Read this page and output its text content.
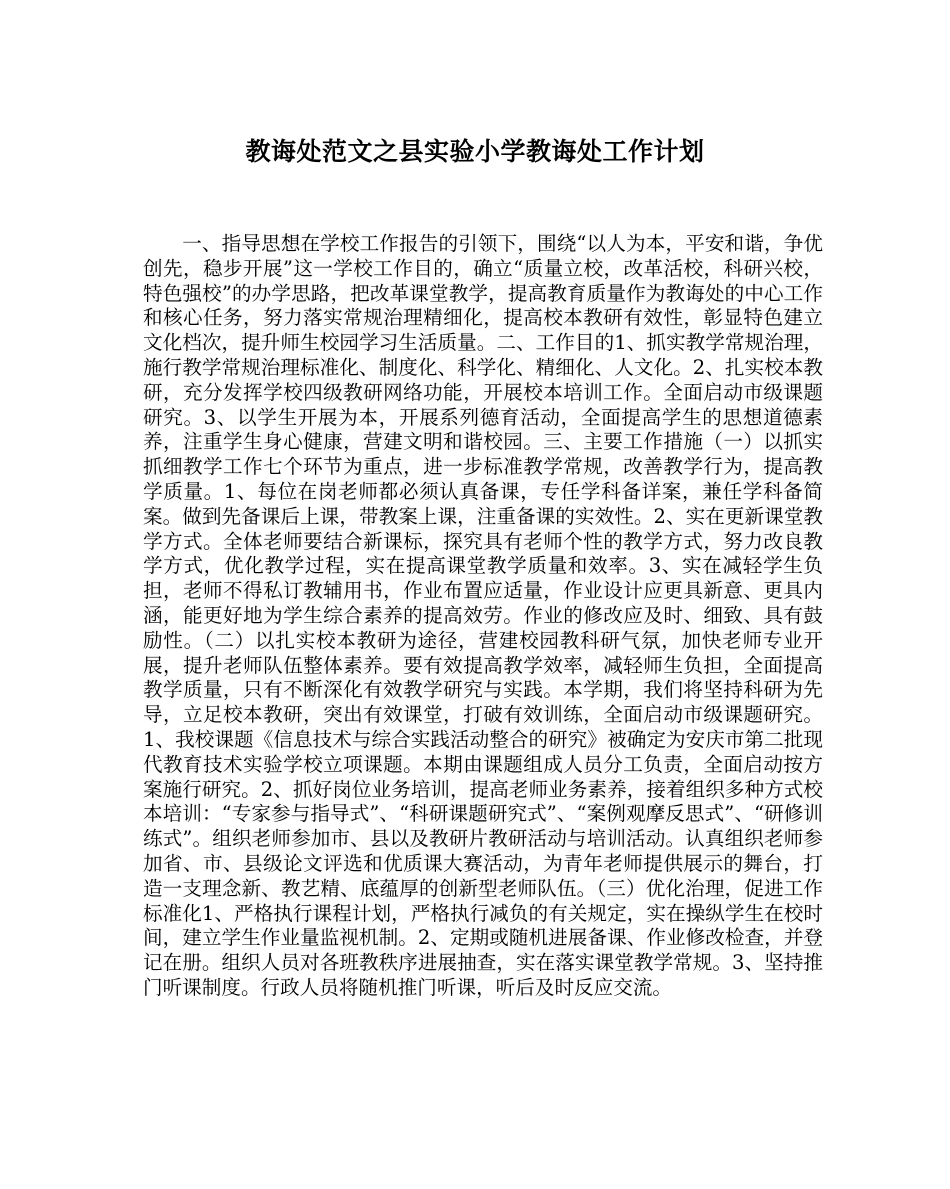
教诲处范文之县实验小学教诲处工作计划

一、指导思想在学校工作报告的引领下，围绕“以人为本，平安和谐，争优创先，稳步开展”这一学校工作目的，确立“质量立校，改革活校，科研兴校，特色强校”的办学思路，把改革课堂教学，提高教育质量作为教诲处的中心工作和核心任务，努力落实常规治理精细化，提高校本教研有效性，彰显特色建立文化档次，提升师生校园学习生活质量。二、工作目的1、抓实教学常规治理，施行教学常规治理标准化、制度化、科学化、精细化、人文化。2、扎实校本教研，充分发挥学校四级教研网络功能，开展校本培训工作。全面启动市级课题研究。3、以学生开展为本，开展系列德育活动，全面提高学生的思想道德素养，注重学生身心健康，营建文明和谐校园。三、主要工作措施（一）以抓实抓细教学工作七个环节为重点，进一步标准教学常规，改善教学行为，提高教学质量。1、每位在岗老师都必须认真备课，专任学科备详案，兼任学科备简案。做到先备课后上课，带教案上课，注重备课的实效性。2、实在更新课堂教学方式。全体老师要结合新课标，探究具有老师个性的教学方式，努力改良教学方式，优化教学过程，实在提高课堂教学质量和效率。3、实在减轻学生负担，老师不得私订教辅用书，作业布置应适量，作业设计应更具新意、更具内涵，能更好地为学生综合素养的提高效劳。作业的修改应及时、细致、具有鼓励性。（二）以扎实校本教研为途径，营建校园教科研气氛，加快老师专业开展，提升老师队伍整体素养。要有效提高教学效率，减轻师生负担，全面提高教学质量，只有不断深化有效教学研究与实践。本学期，我们将坚持科研为先导，立足校本教研，突出有效课堂，打破有效训练，全面启动市级课题研究。1、我校课题《信息技术与综合实践活动整合的研究》被确定为安庆市第二批现代教育技术实验学校立项课题。本期由课题组成人员分工负责，全面启动按方案施行研究。2、抓好岗位业务培训，提高老师业务素养，接着组织多种方式校本培训：“专家参与指导式”、“科研课题研究式”、“案例观摩反思式”、“研修训练式”。组织老师参加市、县以及教研片教研活动与培训活动。认真组织老师参加省、市、县级论文评选和优质课大赛活动，为青年老师提供展示的舞台，打造一支理念新、教艺精、底蕴厚的创新型老师队伍。（三）优化治理，促进工作标准化1、严格执行课程计划，严格执行减负的有关规定，实在操纵学生在校时间，建立学生作业量监视机制。2、定期或随机进展备课、作业修改检查，并登记在册。组织人员对各班教秩序进展抽查，实在落实课堂教学常规。3、坚持推门听课制度。行政人员将随机推门听课，听后及时反应交流。
